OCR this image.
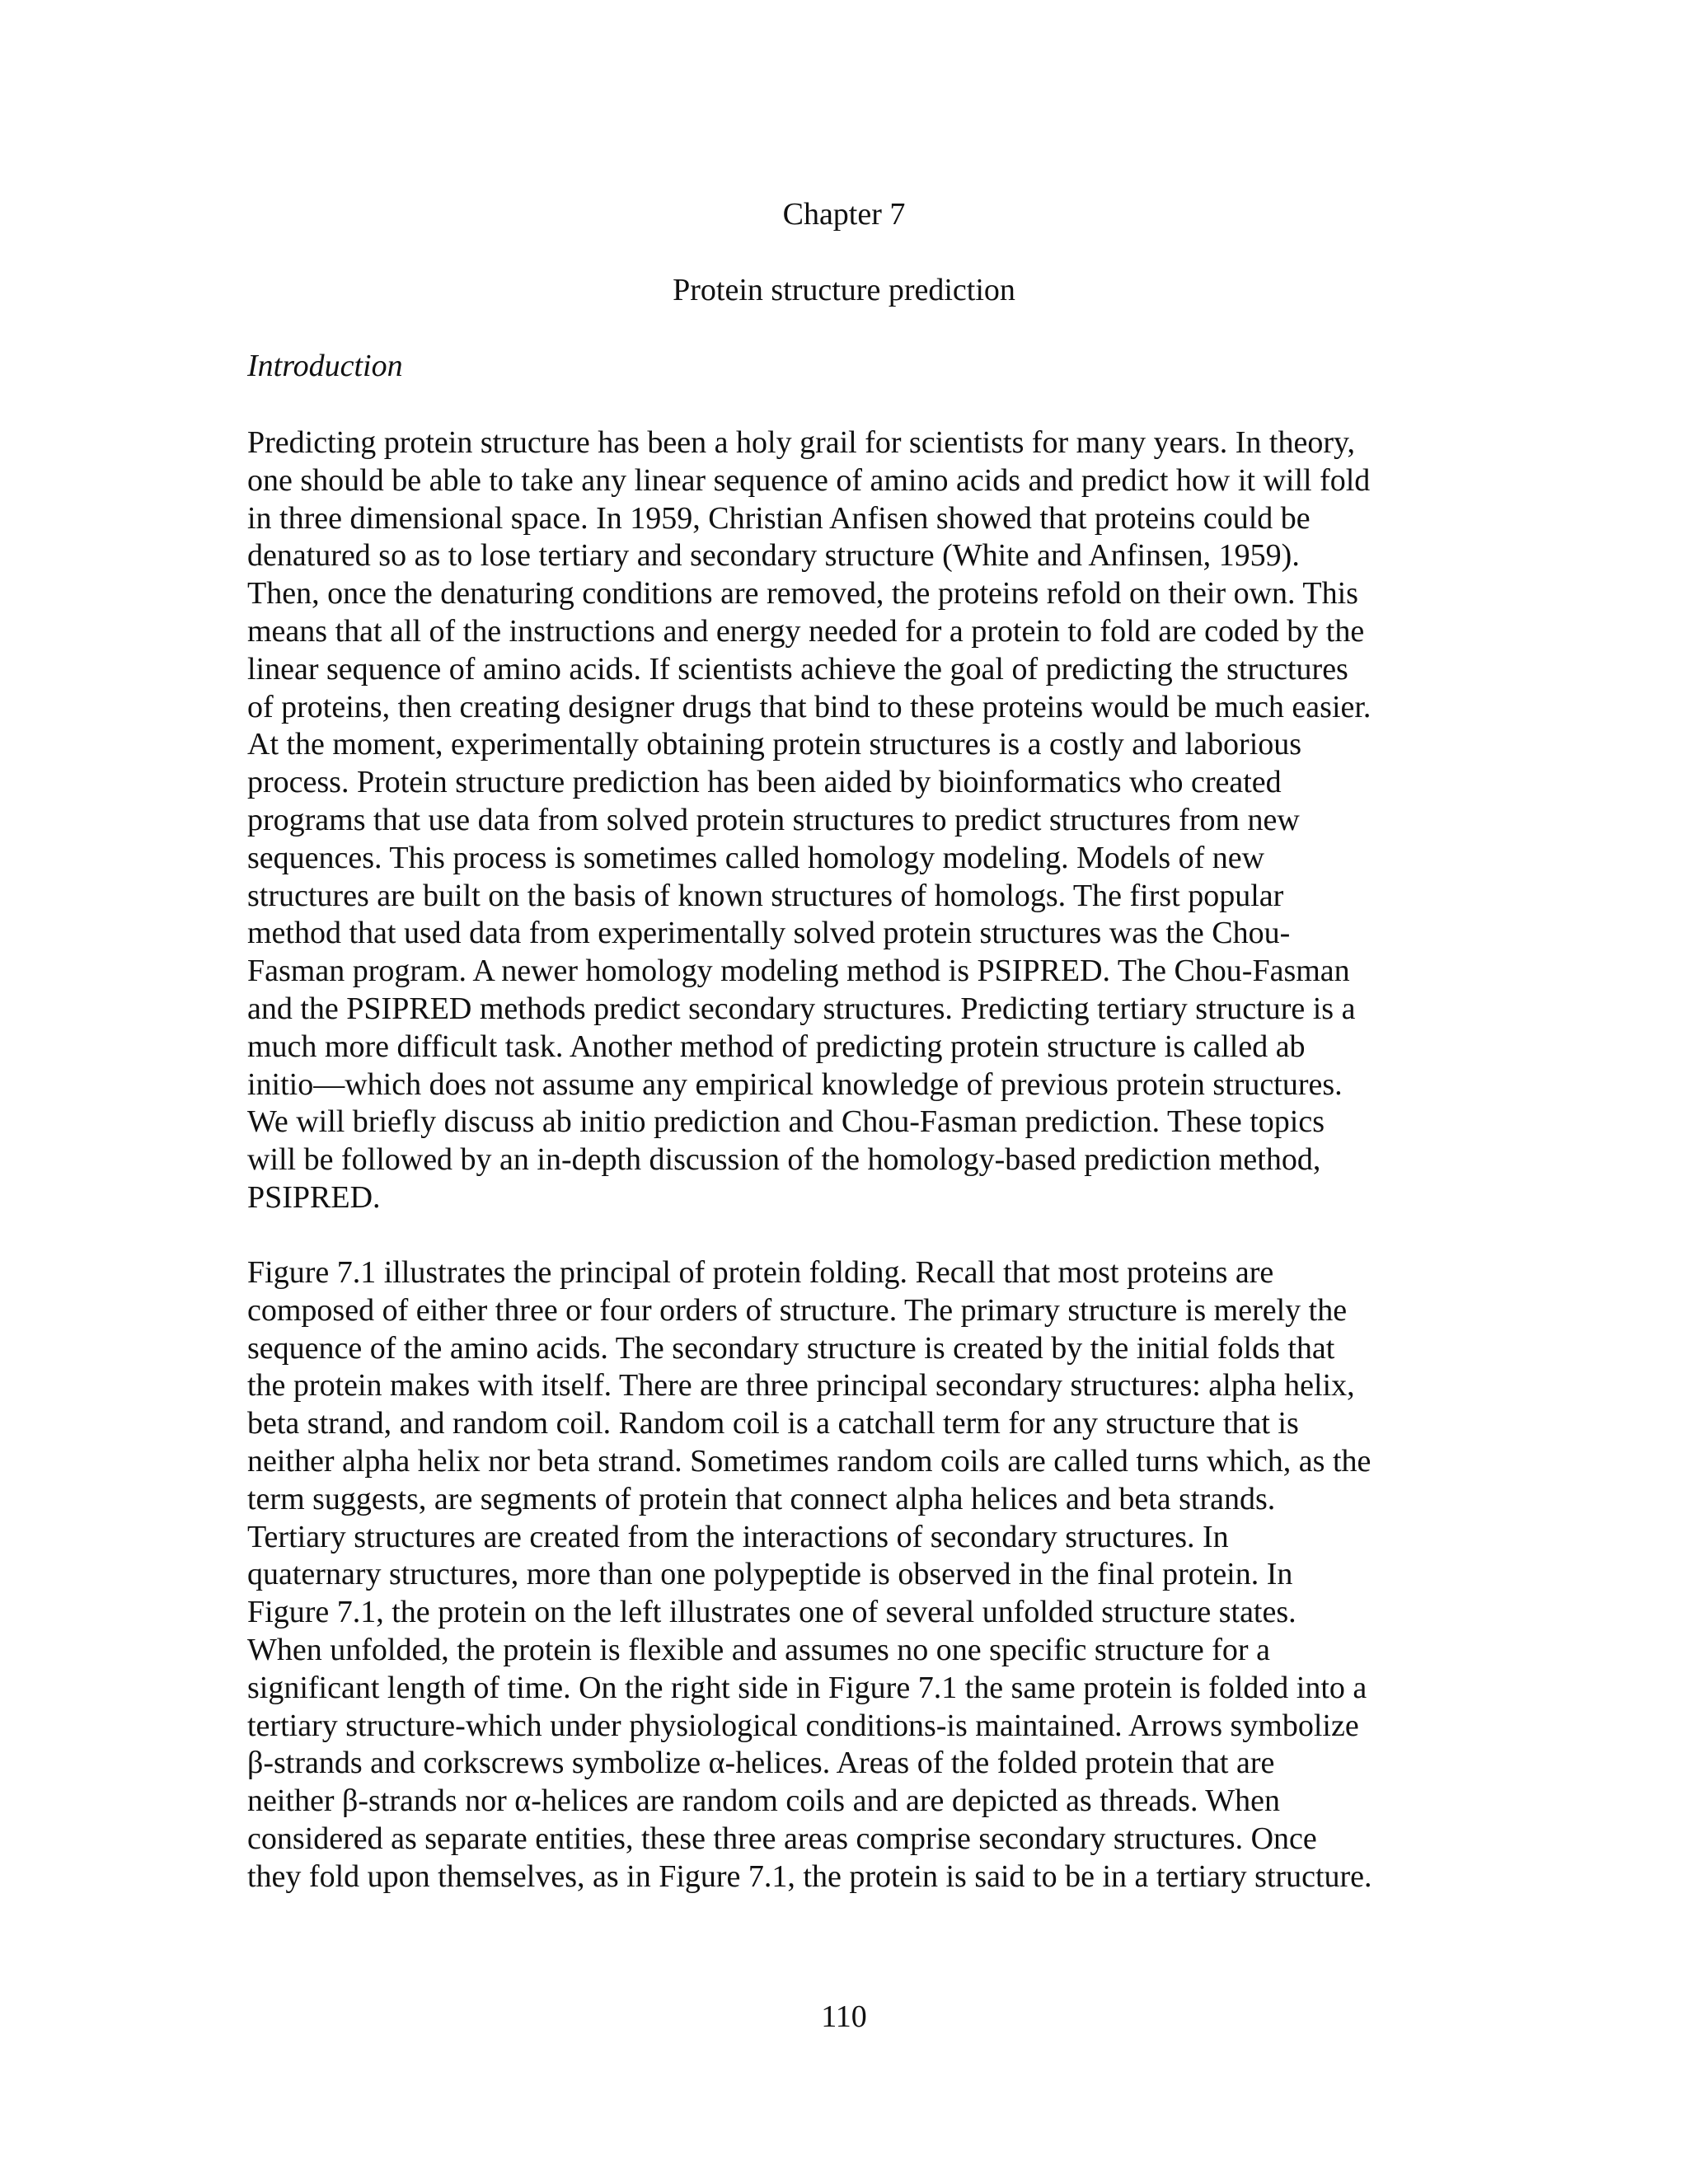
Chapter 7
Protein structure prediction
Introduction
Predicting protein structure has been a holy grail for scientists for many years. In theory,
one should be able to take any linear sequence of amino acids and predict how it will fold
in three dimensional space. In 1959, Christian Anfisen showed that proteins could be
denatured so as to lose tertiary and secondary structure (White and Anfinsen, 1959).
Then, once the denaturing conditions are removed, the proteins refold on their own. This
means that all of the instructions and energy needed for a protein to fold are coded by the
linear sequence of amino acids. If scientists achieve the goal of predicting the structures
of proteins, then creating designer drugs that bind to these proteins would be much easier.
At the moment, experimentally obtaining protein structures is a costly and laborious
process. Protein structure prediction has been aided by bioinformatics who created
programs that use data from solved protein structures to predict structures from new
sequences. This process is sometimes called homology modeling. Models of new
structures are built on the basis of known structures of homologs. The first popular
method that used data from experimentally solved protein structures was the Chou-
Fasman program. A newer homology modeling method is PSIPRED. The Chou-Fasman
and the PSIPRED methods predict secondary structures. Predicting tertiary structure is a
much more difficult task. Another method of predicting protein structure is called ab
initio—which does not assume any empirical knowledge of previous protein structures.
We will briefly discuss ab initio prediction and Chou-Fasman prediction. These topics
will be followed by an in-depth discussion of the homology-based prediction method,
PSIPRED.
Figure 7.1 illustrates the principal of protein folding. Recall that most proteins are
composed of either three or four orders of structure. The primary structure is merely the
sequence of the amino acids. The secondary structure is created by the initial folds that
the protein makes with itself. There are three principal secondary structures: alpha helix,
beta strand, and random coil. Random coil is a catchall term for any structure that is
neither alpha helix nor beta strand. Sometimes random coils are called turns which, as the
term suggests, are segments of protein that connect alpha helices and beta strands.
Tertiary structures are created from the interactions of secondary structures. In
quaternary structures, more than one polypeptide is observed in the final protein. In
Figure 7.1, the protein on the left illustrates one of several unfolded structure states.
When unfolded, the protein is flexible and assumes no one specific structure for a
significant length of time. On the right side in Figure 7.1 the same protein is folded into a
tertiary structure-which under physiological conditions-is maintained. Arrows symbolize
β-strands and corkscrews symbolize α-helices. Areas of the folded protein that are
neither β-strands nor α-helices are random coils and are depicted as threads. When
considered as separate entities, these three areas comprise secondary structures. Once
they fold upon themselves, as in Figure 7.1, the protein is said to be in a tertiary structure.
110
